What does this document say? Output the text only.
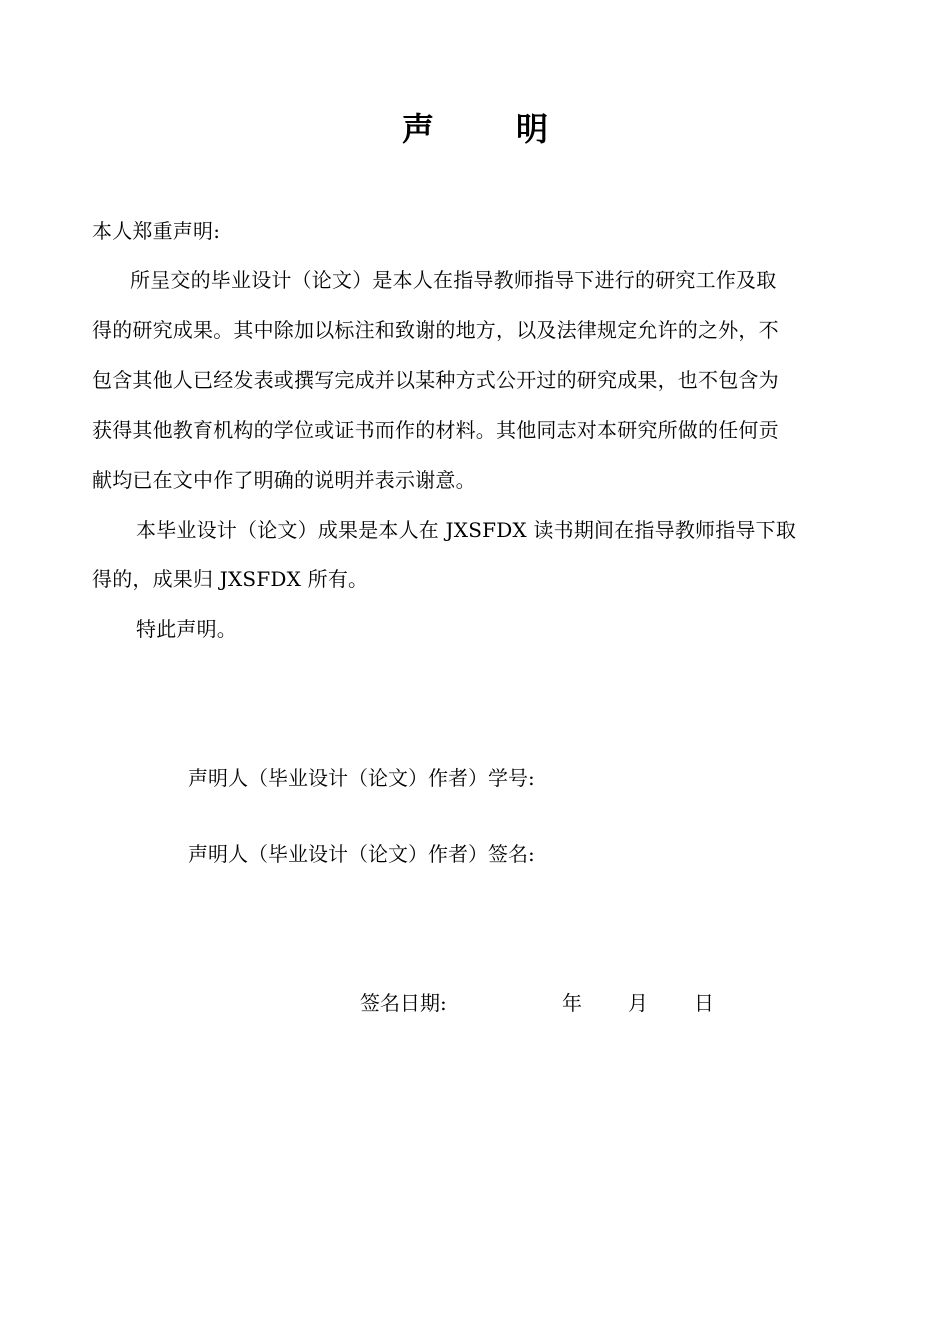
声	明
本人郑重声明:
所呈交的毕业设计（论文）是本人在指导教师指导下进行的研究工作及取
得的研究成果。其中除加以标注和致谢的地方，以及法律规定允许的之外，不
包含其他人已经发表或撰写完成并以某种方式公开过的研究成果，也不包含为
获得其他教育机构的学位或证书而作的材料。其他同志对本研究所做的任何贡
献均已在文中作了明确的说明并表示谢意。
本毕业设计（论文）成果是本人在 JXSFDX 读书期间在指导教师指导下取
得的，成果归 JXSFDX 所有。
特此声明。
声明人（毕业设计（论文）作者）学号:
声明人（毕业设计（论文）作者）签名:
签名日期:	年 月 日
